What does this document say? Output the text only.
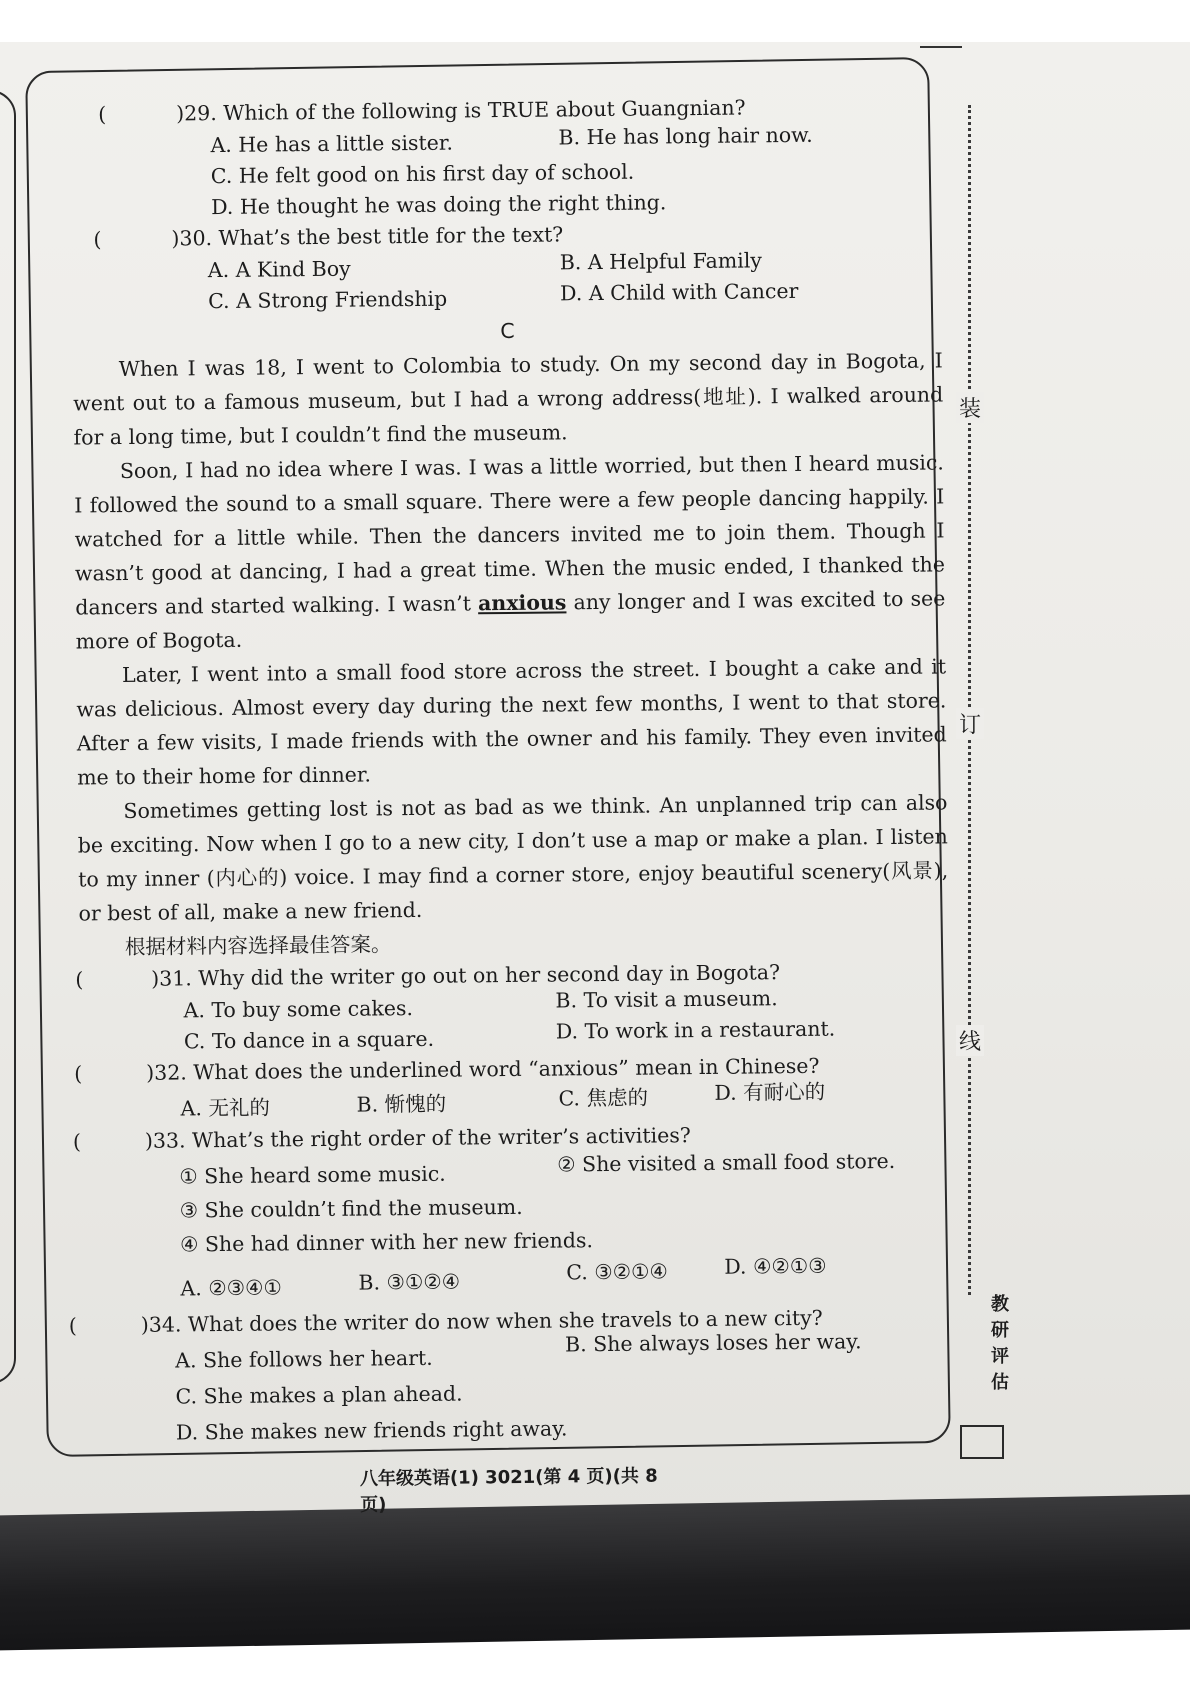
(	) 29. Which of the following is TRUE about Guangnian?
A. He has a little sister.	B. He has long hair now.
C. He felt good on his first day of school.
D. He thought he was doing the right thing.
(	) 30. What’s the best title for the text?
A. A Kind Boy	B. A Helpful Family
C. A Strong Friendship	D. A Child with Cancer
C

When I was 18, I went to Colombia to study. On my second day in Bogota, I went out to a famous museum, but I had a wrong address(地址). I walked around for a long time, but I couldn’t find the museum.

Soon, I had no idea where I was. I was a little worried, but then I heard music. I followed the sound to a small square. There were a few people dancing happily. I watched for a little while. Then the dancers invited me to join them. Though I wasn’t good at dancing, I had a great time. When the music ended, I thanked the dancers and started walking. I wasn’t anxious any longer and I was excited to see more of Bogota.

Later, I went into a small food store across the street. I bought a cake and it was delicious. Almost every day during the next few months, I went to that store. After a few visits, I made friends with the owner and his family. They even invited me to their home for dinner.

Sometimes getting lost is not as bad as we think. An unplanned trip can also be exciting. Now when I go to a new city, I don’t use a map or make a plan. I listen to my inner (内心的) voice. I may find a corner store, enjoy beautiful scenery(风景), or best of all, make a new friend.

根据材料内容选择最佳答案。
(	) 31. Why did the writer go out on her second day in Bogota?
A. To buy some cakes.	B. To visit a museum.
C. To dance in a square.	D. To work in a restaurant.
(	) 32. What does the underlined word “anxious” mean in Chinese?
A. 无礼的	B. 惭愧的	C. 焦虑的	D. 有耐心的
(	) 33. What’s the right order of the writer’s activities?
① She heard some music.	② She visited a small food store.
③ She couldn’t find the museum.
④ She had dinner with her new friends.
A. ②③④①	B. ③①②④	C. ③②①④	D. ④②①③
(	) 34. What does the writer do now when she travels to a new city?
A. She follows her heart.
B. She always loses her way.
C. She makes a plan ahead.
D. She makes new friends right away.
装
订
线
教
研
评
估
八年级英语(1) 3021(第 4 页)(共 8 页)
